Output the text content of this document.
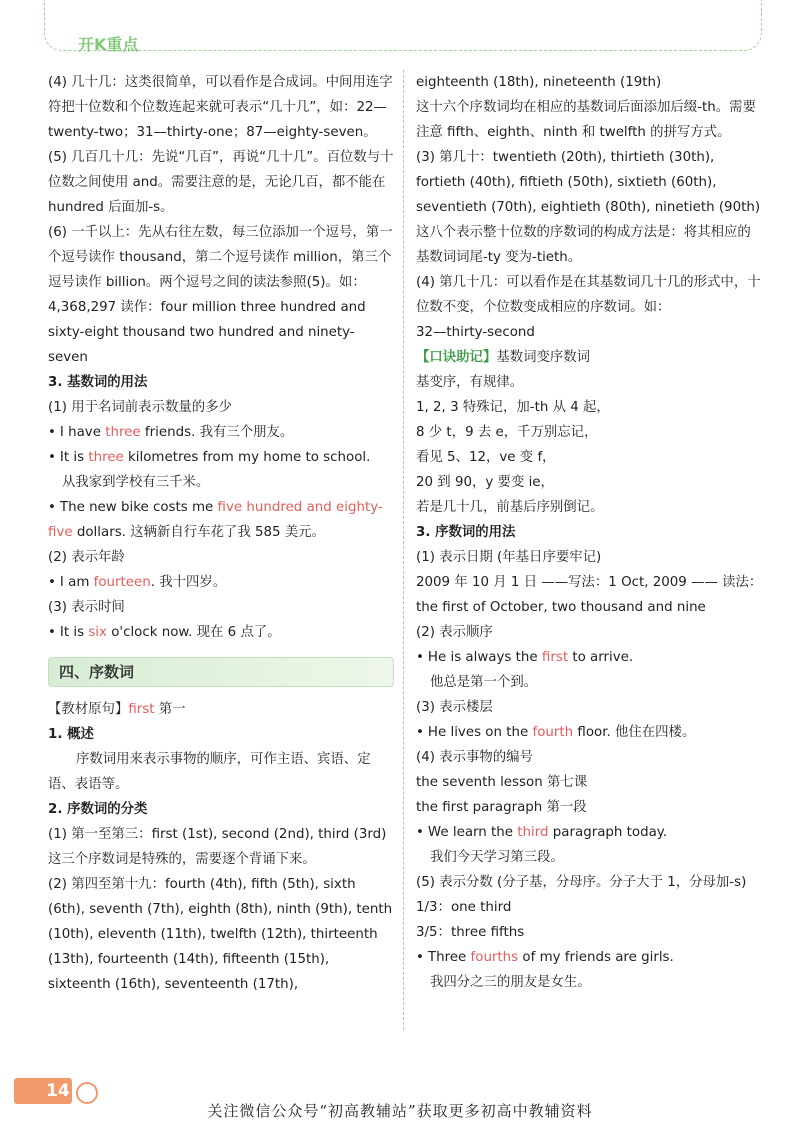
开K重点

(4) 几十几：这类很简单，可以看作是合成词。中间用连字符把十位数和个位数连起来就可表示“几十几”，如：22—twenty-two；31—thirty-one；87—eighty-seven。

(5) 几百几十几：先说“几百”，再说“几十几”。百位数与十位数之间使用 and。需要注意的是，无论几百，都不能在 hundred 后面加-s。

(6) 一千以上：先从右往左数，每三位添加一个逗号，第一个逗号读作 thousand，第二个逗号读作 million，第三个逗号读作 billion。两个逗号之间的读法参照(5)。如：4,368,297 读作：four million three hundred and sixty-eight thousand two hundred and ninety-seven

3. 基数词的用法

(1) 用于名词前表示数量的多少

• I have three friends. 我有三个朋友。

• It is three kilometres from my home to school.

从我家到学校有三千米。

• The new bike costs me five hundred and eighty-five dollars. 这辆新自行车花了我 585 美元。

(2) 表示年龄

• I am fourteen. 我十四岁。

(3) 表示时间

• It is six o'clock now. 现在 6 点了。

四、序数词

【教材原句】first 第一

1. 概述

序数词用来表示事物的顺序，可作主语、宾语、定语、表语等。

2. 序数词的分类

(1) 第一至第三：first (1st), second (2nd), third (3rd)

这三个序数词是特殊的，需要逐个背诵下来。

(2) 第四至第十九：fourth (4th), fifth (5th), sixth (6th), seventh (7th), eighth (8th), ninth (9th), tenth (10th), eleventh (11th), twelfth (12th), thirteenth (13th), fourteenth (14th), fifteenth (15th), sixteenth (16th), seventeenth (17th),

eighteenth (18th), nineteenth (19th)

这十六个序数词均在相应的基数词后面添加后缀-th。需要注意 fifth、eighth、ninth 和 twelfth 的拼写方式。

(3) 第几十：twentieth (20th), thirtieth (30th), fortieth (40th), fiftieth (50th), sixtieth (60th), seventieth (70th), eightieth (80th), ninetieth (90th)

这八个表示整十位数的序数词的构成方法是：将其相应的基数词词尾-ty 变为-tieth。

(4) 第几十几：可以看作是在其基数词几十几的形式中，十位数不变，个位数变成相应的序数词。如：

32—thirty-second

【口诀助记】基数词变序数词

基变序，有规律。

1, 2, 3 特殊记，加-th 从 4 起，

8 少 t，9 去 e，千万别忘记，

看见 5、12，ve 变 f，

20 到 90，y 要变 ie，

若是几十几，前基后序别倒记。

3. 序数词的用法

(1) 表示日期 (年基日序要牢记)

2009 年 10 月 1 日 ——写法：1 Oct, 2009 —— 读法：the first of October, two thousand and nine

(2) 表示顺序

• He is always the first to arrive.

他总是第一个到。

(3) 表示楼层

• He lives on the fourth floor. 他住在四楼。

(4) 表示事物的编号

the seventh lesson 第七课

the first paragraph 第一段

• We learn the third paragraph today.

我们今天学习第三段。

(5) 表示分数 (分子基，分母序。分子大于 1，分母加-s)

1/3：one third

3/5：three fifths

• Three fourths of my friends are girls.

我四分之三的朋友是女生。

14
关注微信公众号“初高教辅站”获取更多初高中教辅资料
